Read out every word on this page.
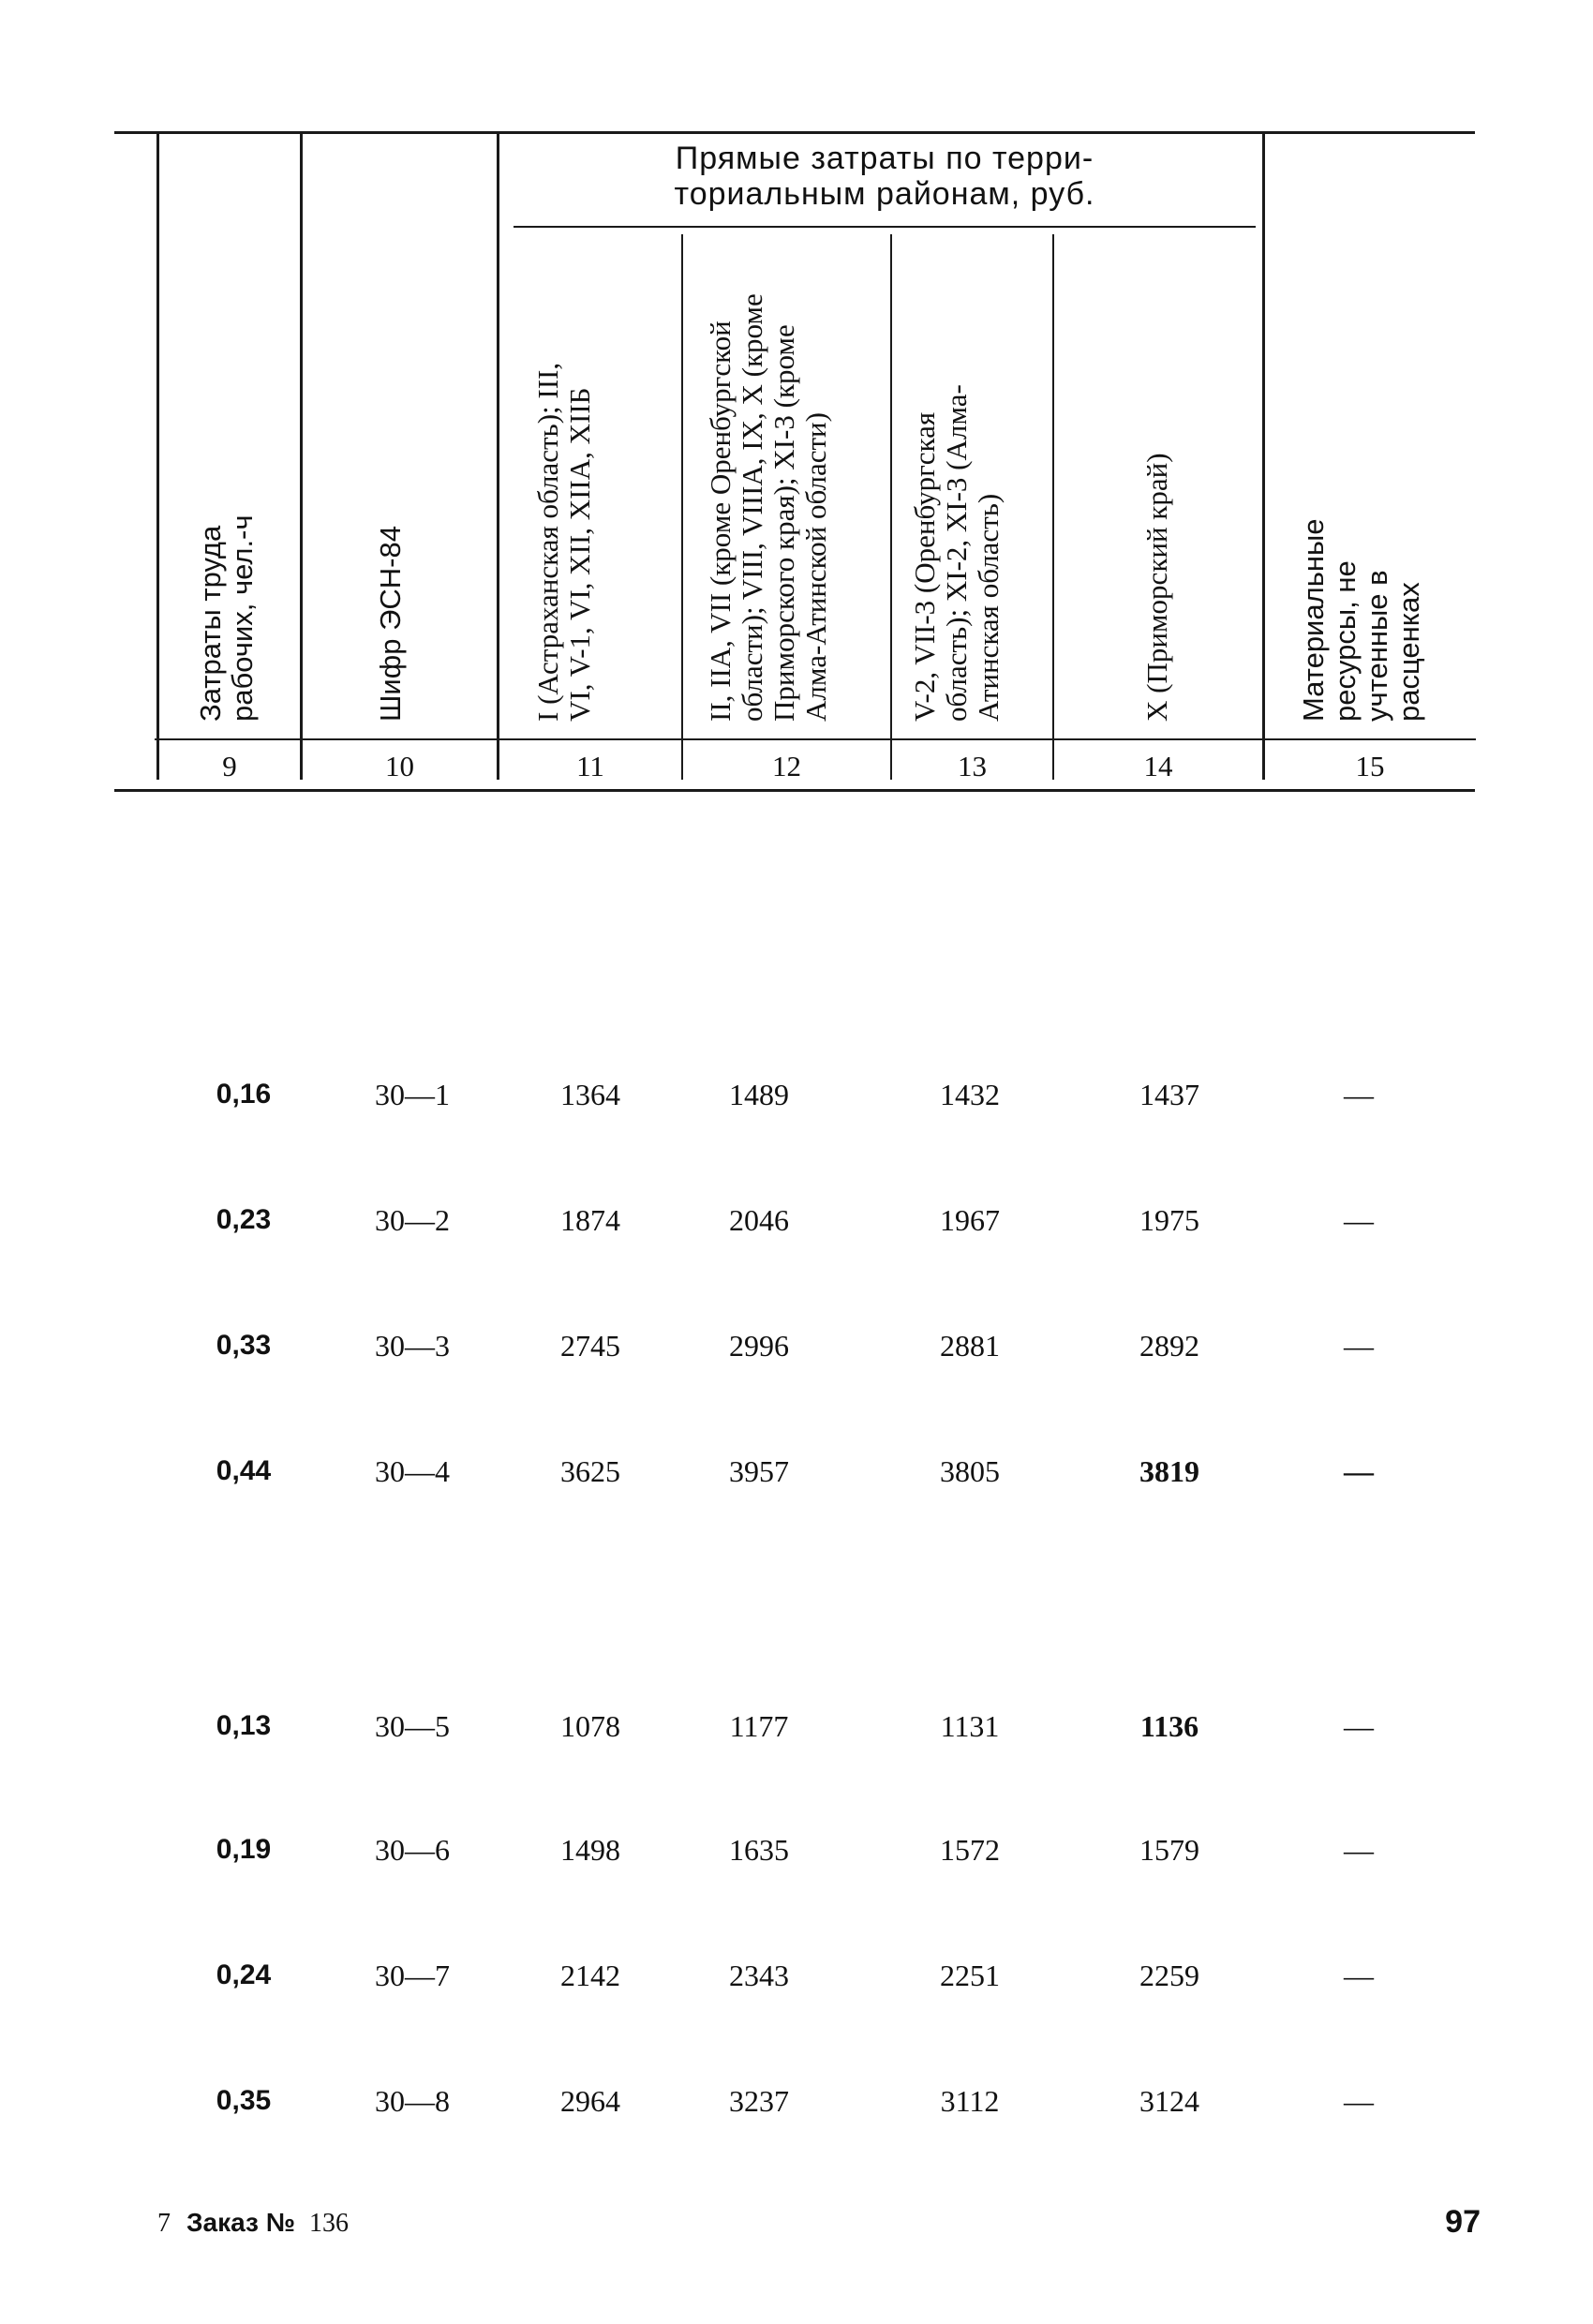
Прямые затраты по терри-
ториальным районам, руб.
Затраты труда рабочих, чел.-ч	Шифр ЭСН-84	I (Астраханская область); III, VI, V-1, VI, XII, XIIA, XIIБ	II, IIA, VII (кроме Оренбургской области); VIII, VIIIA, IX, X (кроме Приморского края); XI-3 (кроме Алма-Атинской области)	V-2, VII-3 (Оренбургская область); XI-2, XI-3 (Алма-Атинская область)	X (Приморский край)	Материальные ресурсы, не учтенные в расценках
9	10	11	12	13	14	15
0,16	30—1	1364	1489	1432	1437	—
0,23	30—2	1874	2046	1967	1975	—
0,33	30—3	2745	2996	2881	2892	—
0,44	30—4	3625	3957	3805	3819	—
0,13	30—5	1078	1177	1131	1136	—
0,19	30—6	1498	1635	1572	1579	—
0,24	30—7	2142	2343	2251	2259	—
0,35	30—8	2964	3237	3112	3124	—
7 Заказ № 136	97
